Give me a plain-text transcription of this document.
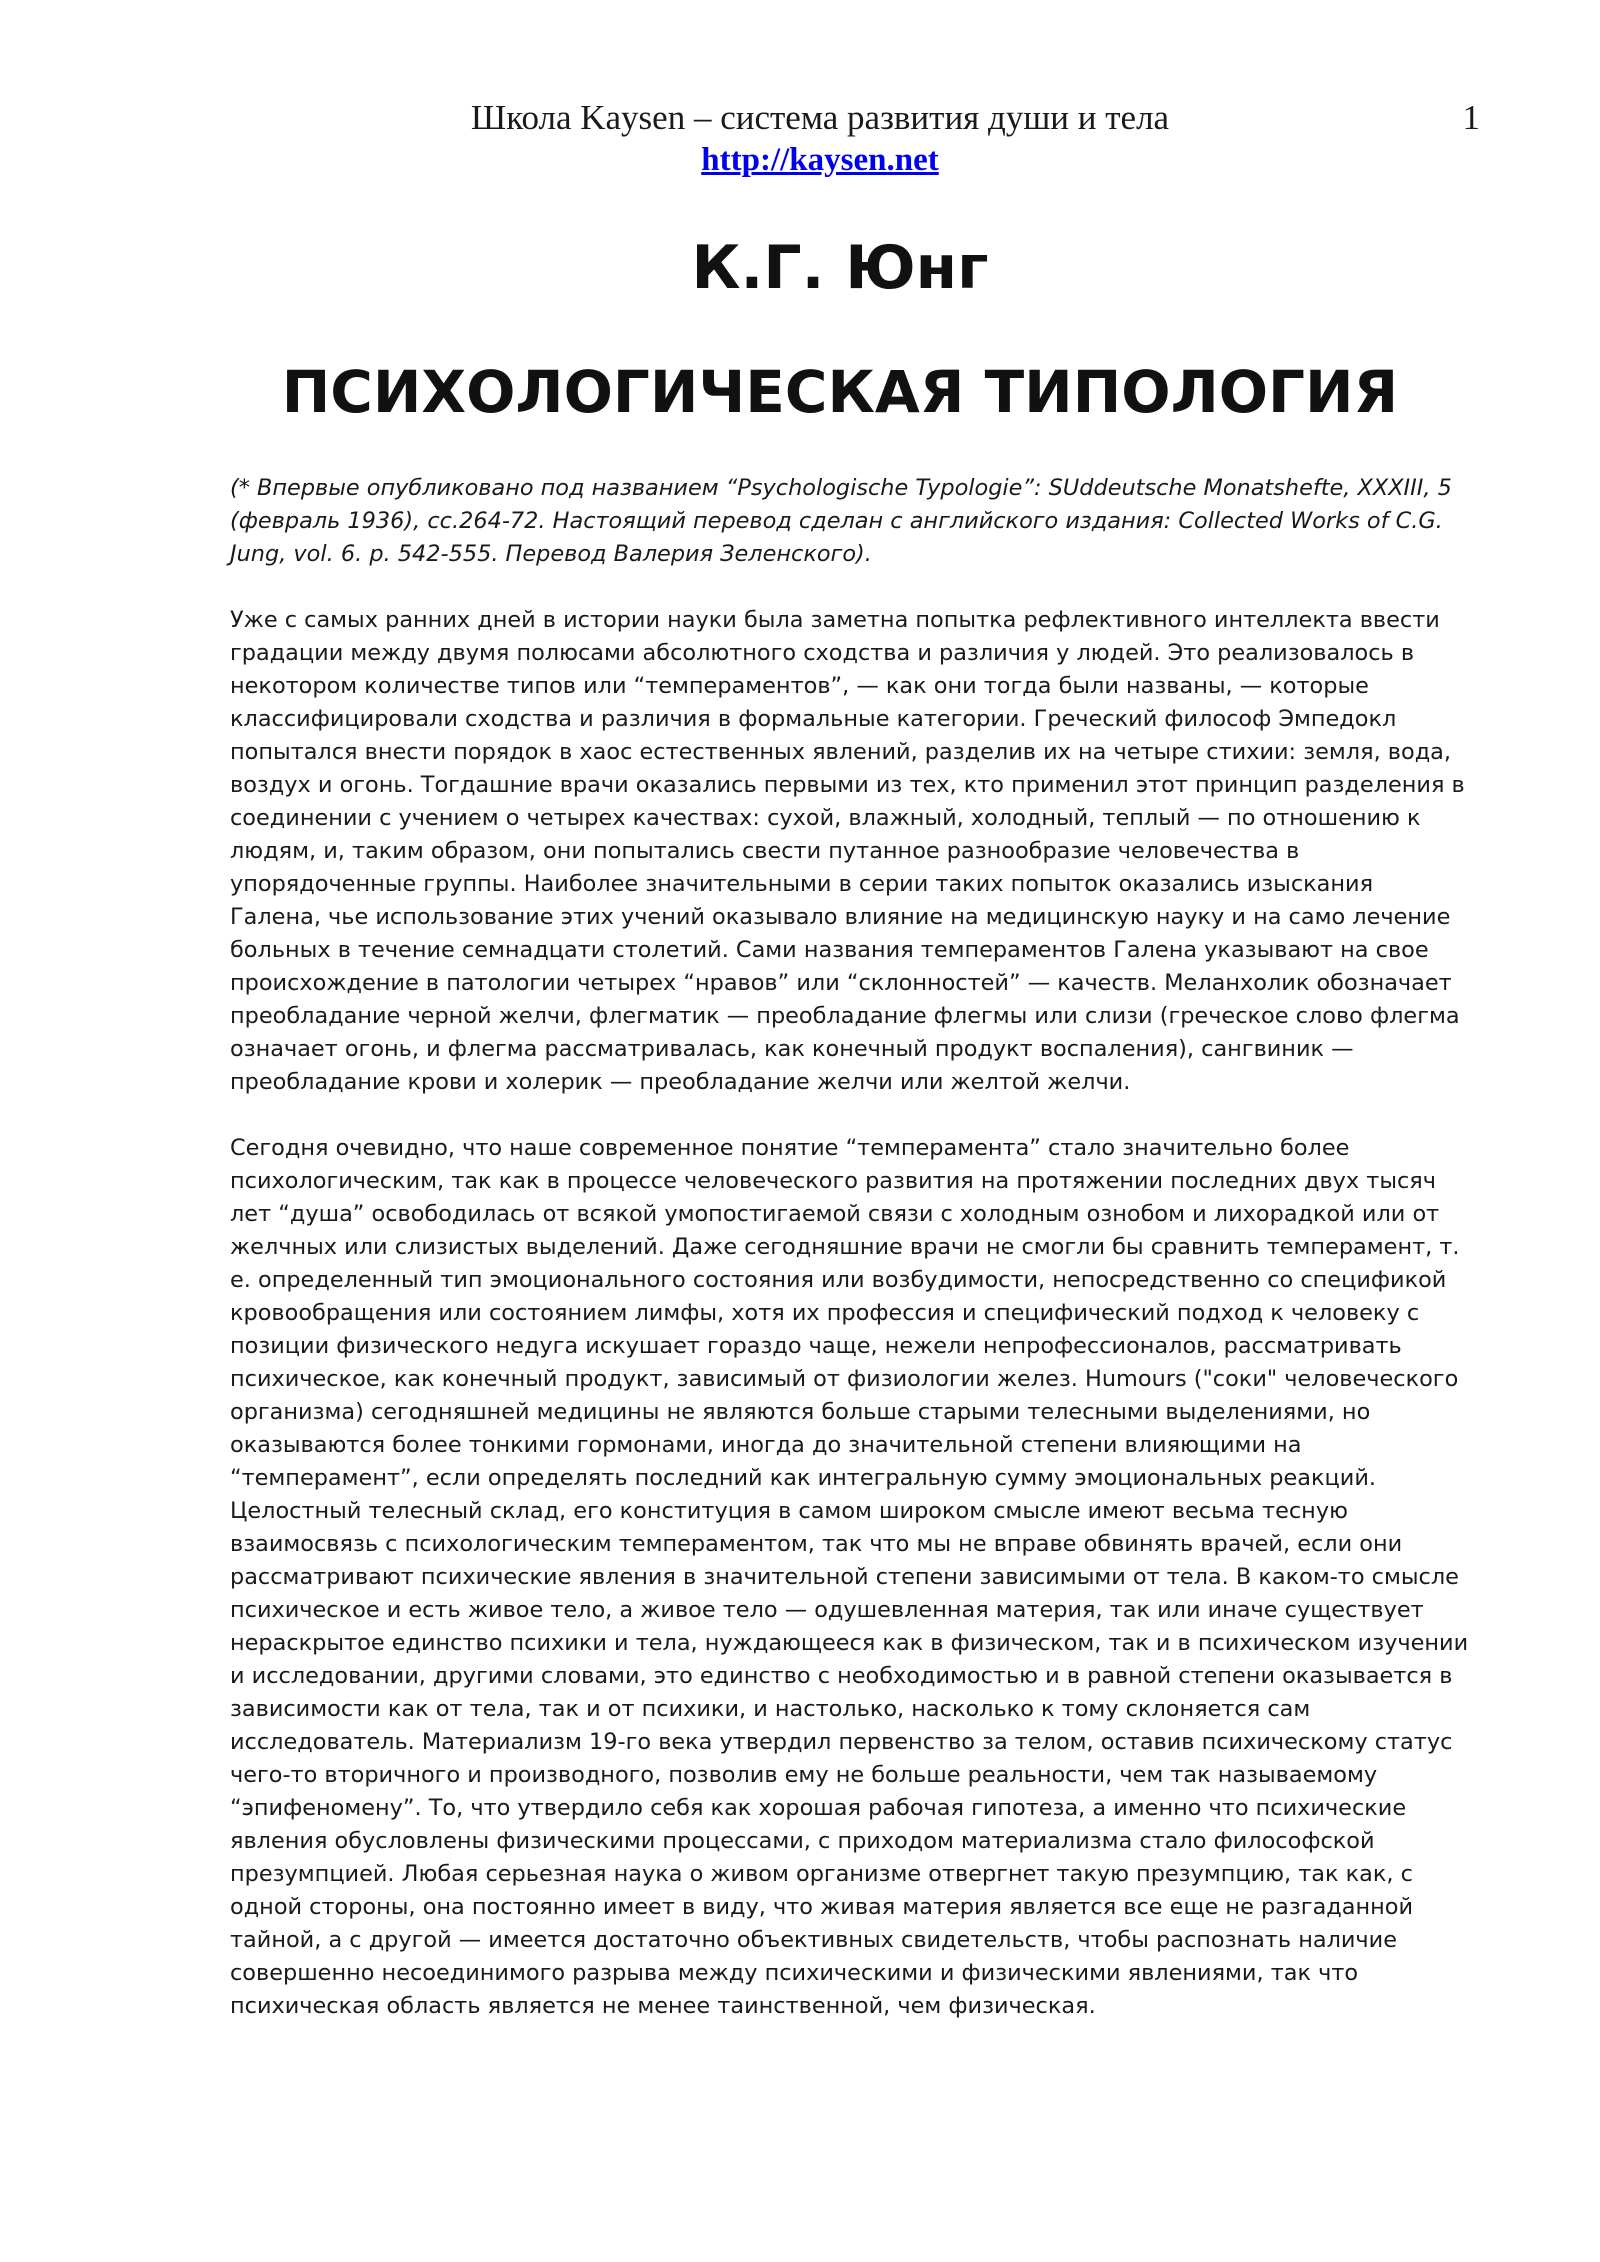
Школа Kaysen – система развития души и тела	1
http://kaysen.net
К.Г. Юнг
ПСИХОЛОГИЧЕСКАЯ ТИПОЛОГИЯ

(* Впервые опубликовано под названием “Psychologische Typologie”: SUddeutsche Monatshefte, XXXIII, 5 (февраль 1936), сс.264-72. Настоящий перевод сделан с английского издания: Collected Works of C.G. Jung, vol. 6. p. 542-555. Перевод Валерия Зеленского).

Уже с самых ранних дней в истории науки была заметна попытка рефлективного интеллекта ввести градации между двумя полюсами абсолютного сходства и различия у людей. Это реализовалось в некотором количестве типов или “темпераментов”, — как они тогда были названы, — которые классифицировали сходства и различия в формальные категории. Греческий философ Эмпедокл попытался внести порядок в хаос естественных явлений, разделив их на четыре стихии: земля, вода, воздух и огонь. Тогдашние врачи оказались первыми из тех, кто применил этот принцип разделения в соединении с учением о четырех качествах: сухой, влажный, холодный, теплый — по отношению к людям, и, таким образом, они попытались свести путанное разнообразие человечества в упорядоченные группы. Наиболее значительными в серии таких попыток оказались изыскания Галена, чье использование этих учений оказывало влияние на медицинскую науку и на само лечение больных в течение семнадцати столетий. Сами названия темпераментов Галена указывают на свое происхождение в патологии четырех “нравов” или “склонностей” — качеств. Меланхолик обозначает преобладание черной желчи, флегматик — преобладание флегмы или слизи (греческое слово флегма означает огонь, и флегма рассматривалась, как конечный продукт воспаления), сангвиник — преобладание крови и холерик — преобладание желчи или желтой желчи.

Сегодня очевидно, что наше современное понятие “темперамента” стало значительно более психологическим, так как в процессе человеческого развития на протяжении последних двух тысяч лет “душа” освободилась от всякой умопостигаемой связи с холодным ознобом и лихорадкой или от желчных или слизистых выделений. Даже сегодняшние врачи не смогли бы сравнить темперамент, т. е. определенный тип эмоционального состояния или возбудимости, непосредственно со спецификой кровообращения или состоянием лимфы, хотя их профессия и специфический подход к человеку с позиции физического недуга искушает гораздо чаще, нежели непрофессионалов, рассматривать психическое, как конечный продукт, зависимый от физиологии желез. Humours ("соки" человеческого организма) сегодняшней медицины не являются больше старыми телесными выделениями, но оказываются более тонкими гормонами, иногда до значительной степени влияющими на “темперамент”, если определять последний как интегральную сумму эмоциональных реакций. Целостный телесный склад, его конституция в самом широком смысле имеют весьма тесную взаимосвязь с психологическим темпераментом, так что мы не вправе обвинять врачей, если они рассматривают психические явления в значительной степени зависимыми от тела. В каком-то смысле психическое и есть живое тело, а живое тело — одушевленная материя, так или иначе существует нераскрытое единство психики и тела, нуждающееся как в физическом, так и в психическом изучении и исследовании, другими словами, это единство с необходимостью и в равной степени оказывается в зависимости как от тела, так и от психики, и настолько, насколько к тому склоняется сам исследователь. Материализм 19-го века утвердил первенство за телом, оставив психическому статус чего-то вторичного и производного, позволив ему не больше реальности, чем так называемому “эпифеномену”. То, что утвердило себя как хорошая рабочая гипотеза, а именно что психические явления обусловлены физическими процессами, с приходом материализма стало философской презумпцией. Любая серьезная наука о живом организме отвергнет такую презумпцию, так как, с одной стороны, она постоянно имеет в виду, что живая материя является все еще не разгаданной тайной, а с другой — имеется достаточно объективных свидетельств, чтобы распознать наличие совершенно несоединимого разрыва между психическими и физическими явлениями, так что психическая область является не менее таинственной, чем физическая.
